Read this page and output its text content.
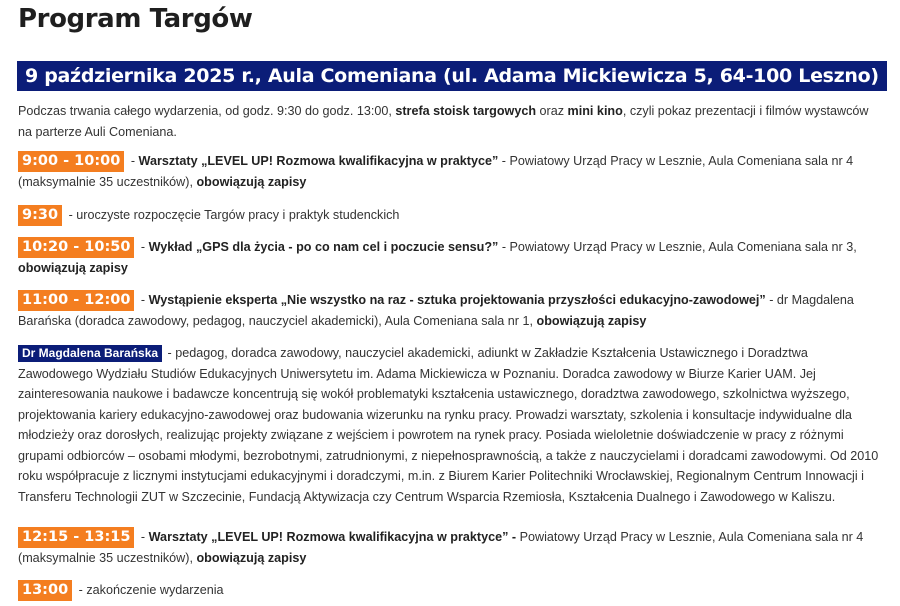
Program Targów
9 października 2025 r., Aula Comeniana (ul. Adama Mickiewicza 5, 64-100 Leszno)

Podczas trwania całego wydarzenia, od godz. 9:30 do godz. 13:00, strefa stoisk targowych oraz mini kino, czyli pokaz prezentacji i filmów wystawców na parterze Auli Comeniana.

9:00 - 10:00 - Warsztaty „LEVEL UP! Rozmowa kwalifikacyjna w praktyce” - Powiatowy Urząd Pracy w Lesznie, Aula Comeniana sala nr 4 (maksymalnie 35 uczestników), obowiązują zapisy

9:30 - uroczyste rozpoczęcie Targów pracy i praktyk studenckich

10:20 - 10:50 - Wykład „GPS dla życia - po co nam cel i poczucie sensu?” - Powiatowy Urząd Pracy w Lesznie, Aula Comeniana sala nr 3, obowiązują zapisy

11:00 - 12:00 - Wystąpienie eksperta „Nie wszystko na raz - sztuka projektowania przyszłości edukacyjno-zawodowej” - dr Magdalena Barańska (doradca zawodowy, pedagog, nauczyciel akademicki), Aula Comeniana sala nr 1, obowiązują zapisy

Dr Magdalena Barańska - pedagog, doradca zawodowy, nauczyciel akademicki, adiunkt w Zakładzie Kształcenia Ustawicznego i Doradztwa Zawodowego Wydziału Studiów Edukacyjnych Uniwersytetu im. Adama Mickiewicza w Poznaniu. Doradca zawodowy w Biurze Karier UAM. Jej zainteresowania naukowe i badawcze koncentrują się wokół problematyki kształcenia ustawicznego, doradztwa zawodowego, szkolnictwa wyższego, projektowania kariery edukacyjno-zawodowej oraz budowania wizerunku na rynku pracy. Prowadzi warsztaty, szkolenia i konsultacje indywidualne dla młodzieży oraz dorosłych, realizując projekty związane z wejściem i powrotem na rynek pracy. Posiada wieloletnie doświadczenie w pracy z różnymi grupami odbiorców – osobami młodymi, bezrobotnymi, zatrudnionymi, z niepełnosprawnością, a także z nauczycielami i doradcami zawodowymi. Od 2010 roku współpracuje z licznymi instytucjami edukacyjnymi i doradczymi, m.in. z Biurem Karier Politechniki Wrocławskiej, Regionalnym Centrum Innowacji i Transferu Technologii ZUT w Szczecinie, Fundacją Aktywizacja czy Centrum Wsparcia Rzemiosła, Kształcenia Dualnego i Zawodowego w Kaliszu.

12:15 - 13:15 - Warsztaty „LEVEL UP! Rozmowa kwalifikacyjna w praktyce” - Powiatowy Urząd Pracy w Lesznie, Aula Comeniana sala nr 4 (maksymalnie 35 uczestników), obowiązują zapisy

13:00 - zakończenie wydarzenia
